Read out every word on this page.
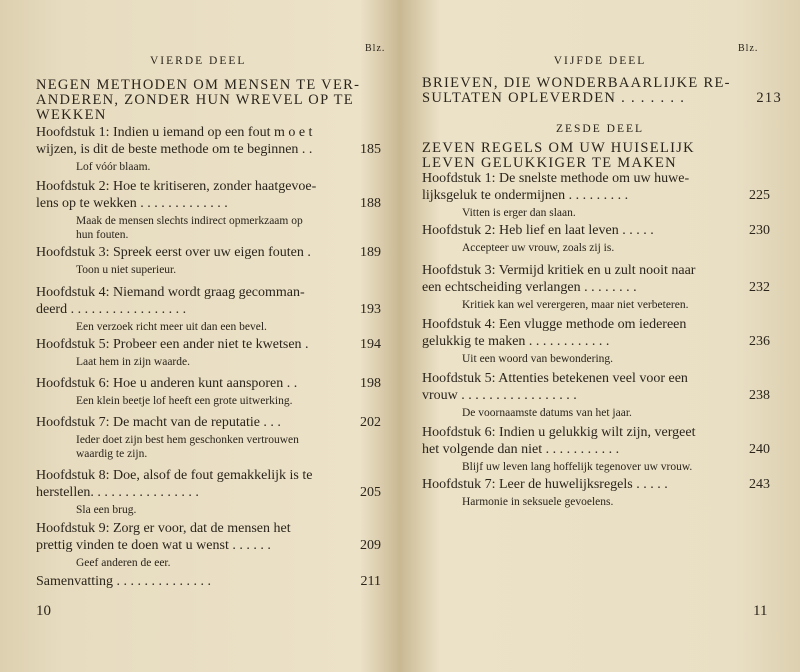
Blz.
VIERDE DEEL
NEGEN METHODEN OM MENSEN TE VER-
ANDEREN, ZONDER HUN WREVEL OP TE
WEKKEN
Hoofdstuk 1: Indien u iemand op een fout m o e t
wijzen, is dit de beste methode om te beginnen . .	185
Lof vóór blaam.
Hoofdstuk 2: Hoe te kritiseren, zonder haatgevoe-
lens op te wekken . . . . . . . . . . . . .	188
Maak de mensen slechts indirect opmerkzaam op
hun fouten.
Hoofdstuk 3: Spreek eerst over uw eigen fouten .	189
Toon u niet superieur.
Hoofdstuk 4: Niemand wordt graag gecomman-
deerd . . . . . . . . . . . . . . . . .	193
Een verzoek richt meer uit dan een bevel.
Hoofdstuk 5: Probeer een ander niet te kwetsen .	194
Laat hem in zijn waarde.
Hoofdstuk 6: Hoe u anderen kunt aansporen . .	198
Een klein beetje lof heeft een grote uitwerking.
Hoofdstuk 7: De macht van de reputatie . . .	202
Ieder doet zijn best hem geschonken vertrouwen
waardig te zijn.
Hoofdstuk 8: Doe, alsof de fout gemakkelijk is te
herstellen. . . . . . . . . . . . . . . .	205
Sla een brug.
Hoofdstuk 9: Zorg er voor, dat de mensen het
prettig vinden te doen wat u wenst . . . . . .	209
Geef anderen de eer.
Samenvatting . . . . . . . . . . . . . .	211
10
Blz.
VIJFDE DEEL
BRIEVEN, DIE WONDERBAARLIJKE RE-
SULTATEN OPLEVERDEN . . . . . . .	213
ZESDE DEEL
ZEVEN REGELS OM UW HUISELIJK
LEVEN GELUKKIGER TE MAKEN
Hoofdstuk 1: De snelste methode om uw huwe-
lijksgeluk te ondermijnen . . . . . . . . .	225
Vitten is erger dan slaan.
Hoofdstuk 2: Heb lief en laat leven . . . . .	230
Accepteer uw vrouw, zoals zij is.
Hoofdstuk 3: Vermijd kritiek en u zult nooit naar
een echtscheiding verlangen . . . . . . . .	232
Kritiek kan wel verergeren, maar niet verbeteren.
Hoofdstuk 4: Een vlugge methode om iedereen
gelukkig te maken . . . . . . . . . . . .	236
Uit een woord van bewondering.
Hoofdstuk 5: Attenties betekenen veel voor een
vrouw . . . . . . . . . . . . . . . . .	238
De voornaamste datums van het jaar.
Hoofdstuk 6: Indien u gelukkig wilt zijn, vergeet
het volgende dan niet . . . . . . . . . . .	240
Blijf uw leven lang hoffelijk tegenover uw vrouw.
Hoofdstuk 7: Leer de huwelijksregels . . . . .	243
Harmonie in seksuele gevoelens.
11
